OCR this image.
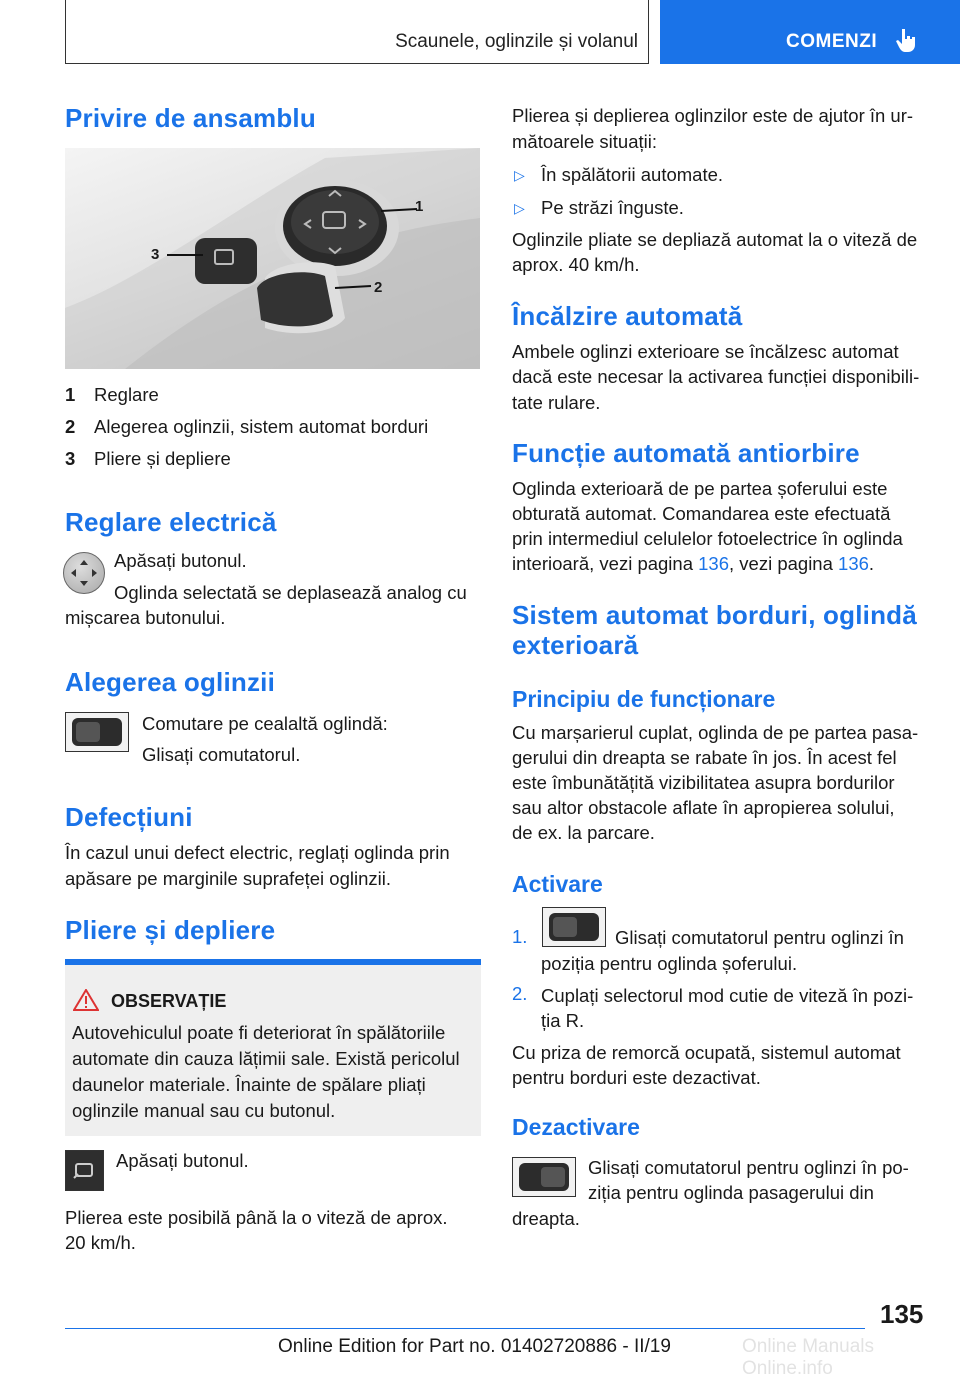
Scaunele, oglinzile și volanul	COMENZI
Privire de ansamblu
1
2
3
1 Reglare
2 Alegerea oglinzii, sistem automat borduri
3 Pliere și depliere
Reglare electrică
Apăsați butonul.
Oglinda selectată se deplasează analog cu
mișcarea butonului.
Alegerea oglinzii
Comutare pe cealaltă oglindă:
Glisați comutatorul.
Defecțiuni
În cazul unui defect electric, reglați oglinda prin
apăsare pe marginile suprafeței oglinzii.
Pliere și depliere
OBSERVAȚIE
Autovehiculul poate fi deteriorat în spălătoriile
automate din cauza lățimii sale. Există pericolul
daunelor materiale. Înainte de spălare pliați
oglinzile manual sau cu butonul.
Apăsați butonul.
Plierea este posibilă până la o viteză de aprox.
20 km/h.
Plierea și deplierea oglinzilor este de ajutor în ur-
mătoarele situații:
▷ În spălătorii automate.
▷ Pe străzi înguste.
Oglinzile pliate se depliază automat la o viteză de
aprox. 40 km/h.
Încălzire automată
Ambele oglinzi exterioare se încălzesc automat
dacă este necesar la activarea funcției disponibili-
tate rulare.
Funcție automată antiorbire
Oglinda exterioară de pe partea șoferului este
obturată automat. Comandarea este efectuată
prin intermediul celulelor fotoelectrice în oglinda
interioară, vezi pagina 136, vezi pagina 136.
Sistem automat borduri, oglindă
exterioară
Principiu de funcționare
Cu marșarierul cuplat, oglinda de pe partea pasa-
gerului din dreapta se rabate în jos. În acest fel
este îmbunătățită vizibilitatea asupra bordurilor
sau altor obstacole aflate în apropierea solului,
de ex. la parcare.
Activare
1.	Glisați comutatorul pentru oglinzi în
poziția pentru oglinda șoferului.
2. Cuplați selectorul mod cutie de viteză în pozi-
ția R.
Cu priza de remorcă ocupată, sistemul automat
pentru borduri este dezactivat.
Dezactivare
Glisați comutatorul pentru oglinzi în po-
ziția pentru oglinda pasagerului din
dreapta.
135
Online Edition for Part no. 01402720886 - II/19	Online Manuals Online.info
